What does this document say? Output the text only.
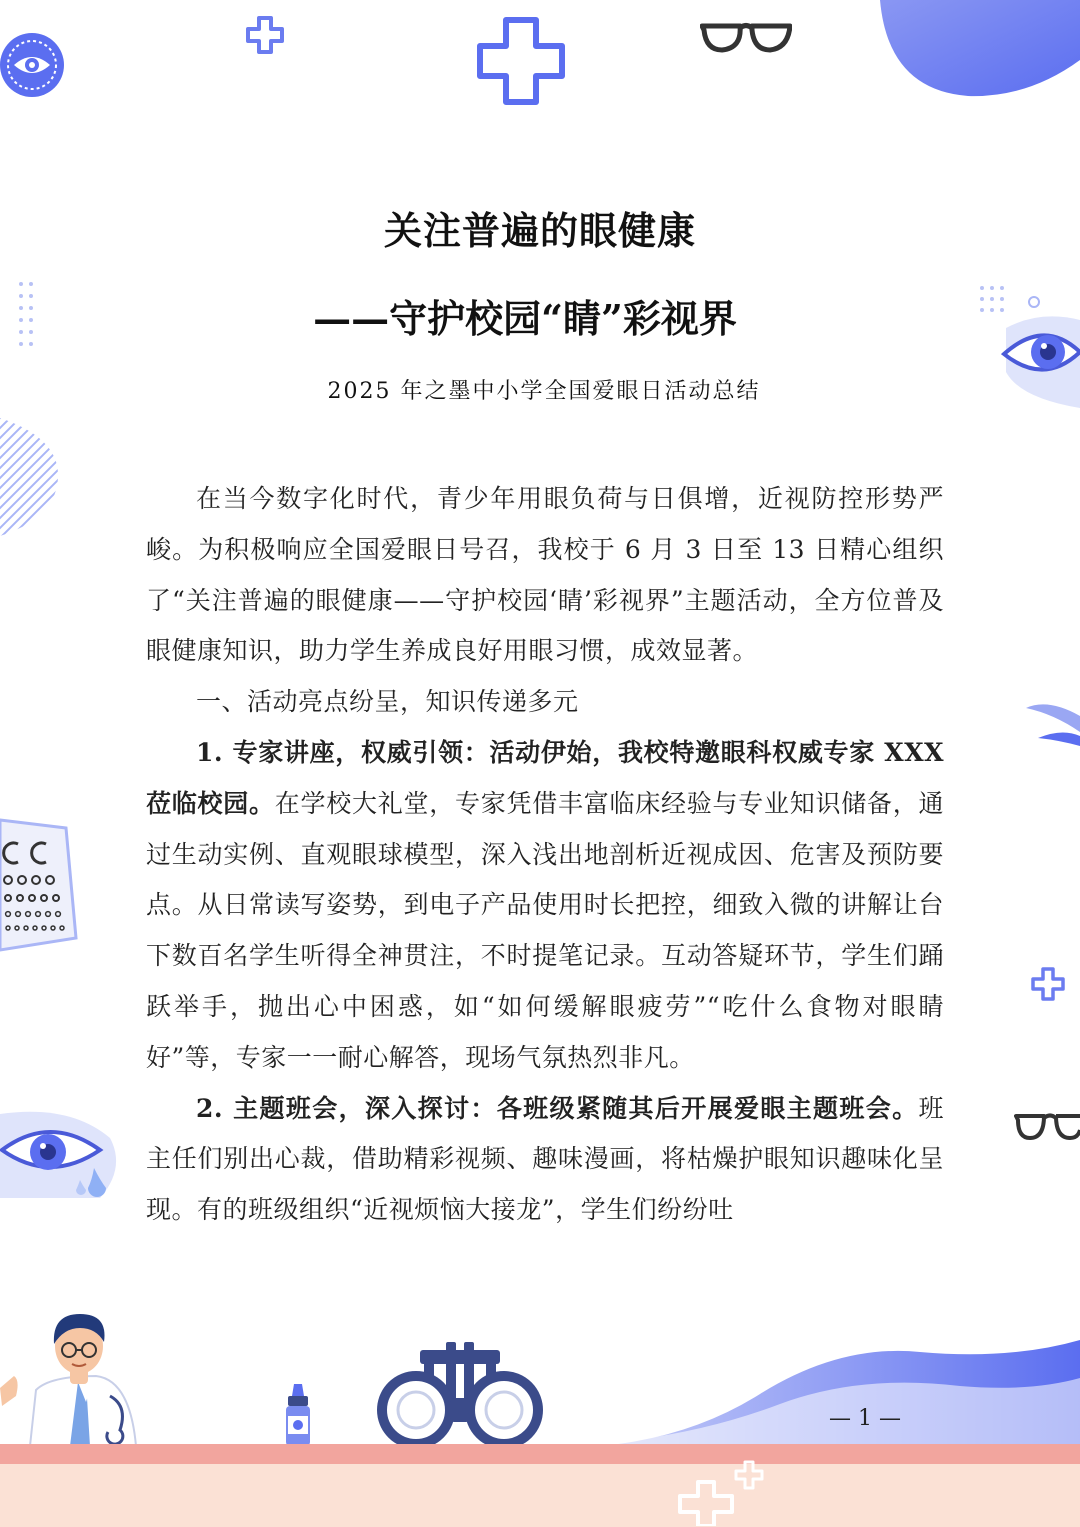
关注普遍的眼健康
——守护校园“睛”彩视界
2025 年之墨中小学全国爱眼日活动总结

在当今数字化时代，青少年用眼负荷与日俱增，近视防控形势严峻。为积极响应全国爱眼日号召，我校于 6 月 3 日至 13 日精心组织了“关注普遍的眼健康——守护校园‘睛’彩视界”主题活动，全方位普及眼健康知识，助力学生养成良好用眼习惯，成效显著。

一、活动亮点纷呈，知识传递多元

1. 专家讲座，权威引领：活动伊始，我校特邀眼科权威专家 XXX 莅临校园。在学校大礼堂，专家凭借丰富临床经验与专业知识储备，通过生动实例、直观眼球模型，深入浅出地剖析近视成因、危害及预防要点。从日常读写姿势，到电子产品使用时长把控，细致入微的讲解让台下数百名学生听得全神贯注，不时提笔记录。互动答疑环节，学生们踊跃举手，抛出心中困惑，如“如何缓解眼疲劳”“吃什么食物对眼睛好”等，专家一一耐心解答，现场气氛热烈非凡。

2. 主题班会，深入探讨：各班级紧随其后开展爱眼主题班会。班主任们别出心裁，借助精彩视频、趣味漫画，将枯燥护眼知识趣味化呈现。有的班级组织“近视烦恼大接龙”，学生们纷纷吐

— 1 —
